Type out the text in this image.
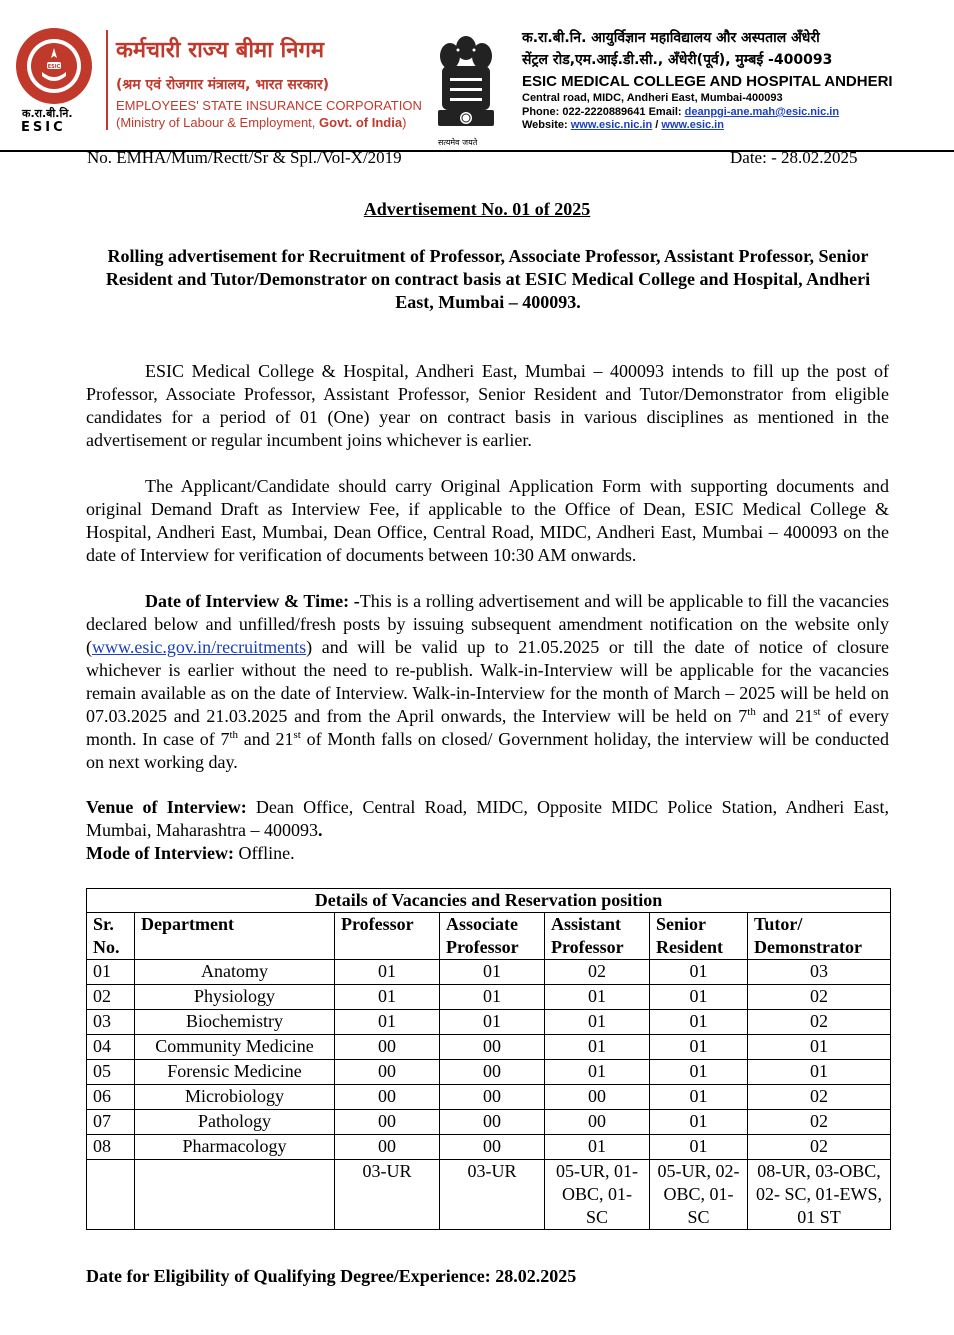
ESIC
क.रा.बी.नि.
ESIC
कर्मचारी राज्य बीमा निगम
(श्रम एवं रोजगार मंत्रालय, भारत सरकार)
EMPLOYEES' STATE INSURANCE CORPORATION
(Ministry of Labour & Employment, Govt. of India)
सत्यमेव जयते
क.रा.बी.नि. आयुर्विज्ञान महाविद्यालय और अस्पताल अँधेरी
सेंट्रल रोड,एम.आई.डी.सी., अँधेरी(पूर्व), मुम्बई -400093
ESIC MEDICAL COLLEGE AND HOSPITAL ANDHERI
Central road, MIDC, Andheri East, Mumbai-400093
Phone: 022-2220889641 Email: deanpgi-ane.mah@esic.nic.in
Website: www.esic.nic.in / www.esic.in
No. EMHA/Mum/Rectt/Sr & Spl./Vol-X/2019	Date: - 28.02.2025
Advertisement No. 01 of 2025
Rolling advertisement for Recruitment of Professor, Associate Professor, Assistant Professor, Senior Resident and Tutor/Demonstrator on contract basis at ESIC Medical College and Hospital, Andheri East, Mumbai – 400093.
ESIC Medical College & Hospital, Andheri East, Mumbai – 400093 intends to fill up the post of Professor, Associate Professor, Assistant Professor, Senior Resident and Tutor/Demonstrator from eligible candidates for a period of 01 (One) year on contract basis in various disciplines as mentioned in the advertisement or regular incumbent joins whichever is earlier.
The Applicant/Candidate should carry Original Application Form with supporting documents and original Demand Draft as Interview Fee, if applicable to the Office of Dean, ESIC Medical College & Hospital, Andheri East, Mumbai, Dean Office, Central Road, MIDC, Andheri East, Mumbai – 400093 on the date of Interview for verification of documents between 10:30 AM onwards.
Date of Interview & Time: -This is a rolling advertisement and will be applicable to fill the vacancies declared below and unfilled/fresh posts by issuing subsequent amendment notification on the website only (www.esic.gov.in/recruitments) and will be valid up to 21.05.2025 or till the date of notice of closure whichever is earlier without the need to re-publish. Walk-in-Interview will be applicable for the vacancies remain available as on the date of Interview. Walk-in-Interview for the month of March – 2025 will be held on 07.03.2025 and 21.03.2025 and from the April onwards, the Interview will be held on 7th and 21st of every month. In case of 7th and 21st of Month falls on closed/ Government holiday, the interview will be conducted on next working day.
Venue of Interview: Dean Office, Central Road, MIDC, Opposite MIDC Police Station, Andheri East, Mumbai, Maharashtra – 400093.
Mode of Interview: Offline.
Details of Vacancies and Reservation position						
Sr. No.	Department	Professor	Associate Professor	Assistant Professor	Senior Resident	Tutor/ Demonstrator
01	Anatomy	01	01	02	01	03
02	Physiology	01	01	01	01	02
03	Biochemistry	01	01	01	01	02
04	Community Medicine	00	00	01	01	01
05	Forensic Medicine	00	00	01	01	01
06	Microbiology	00	00	00	01	02
07	Pathology	00	00	00	01	02
08	Pharmacology	00	00	01	01	02
		03-UR	03-UR	05-UR, 01-OBC, 01-SC	05-UR, 02-OBC, 01-SC	08-UR, 03-OBC, 02- SC, 01-EWS, 01 ST
Date for Eligibility of Qualifying Degree/Experience: 28.02.2025
